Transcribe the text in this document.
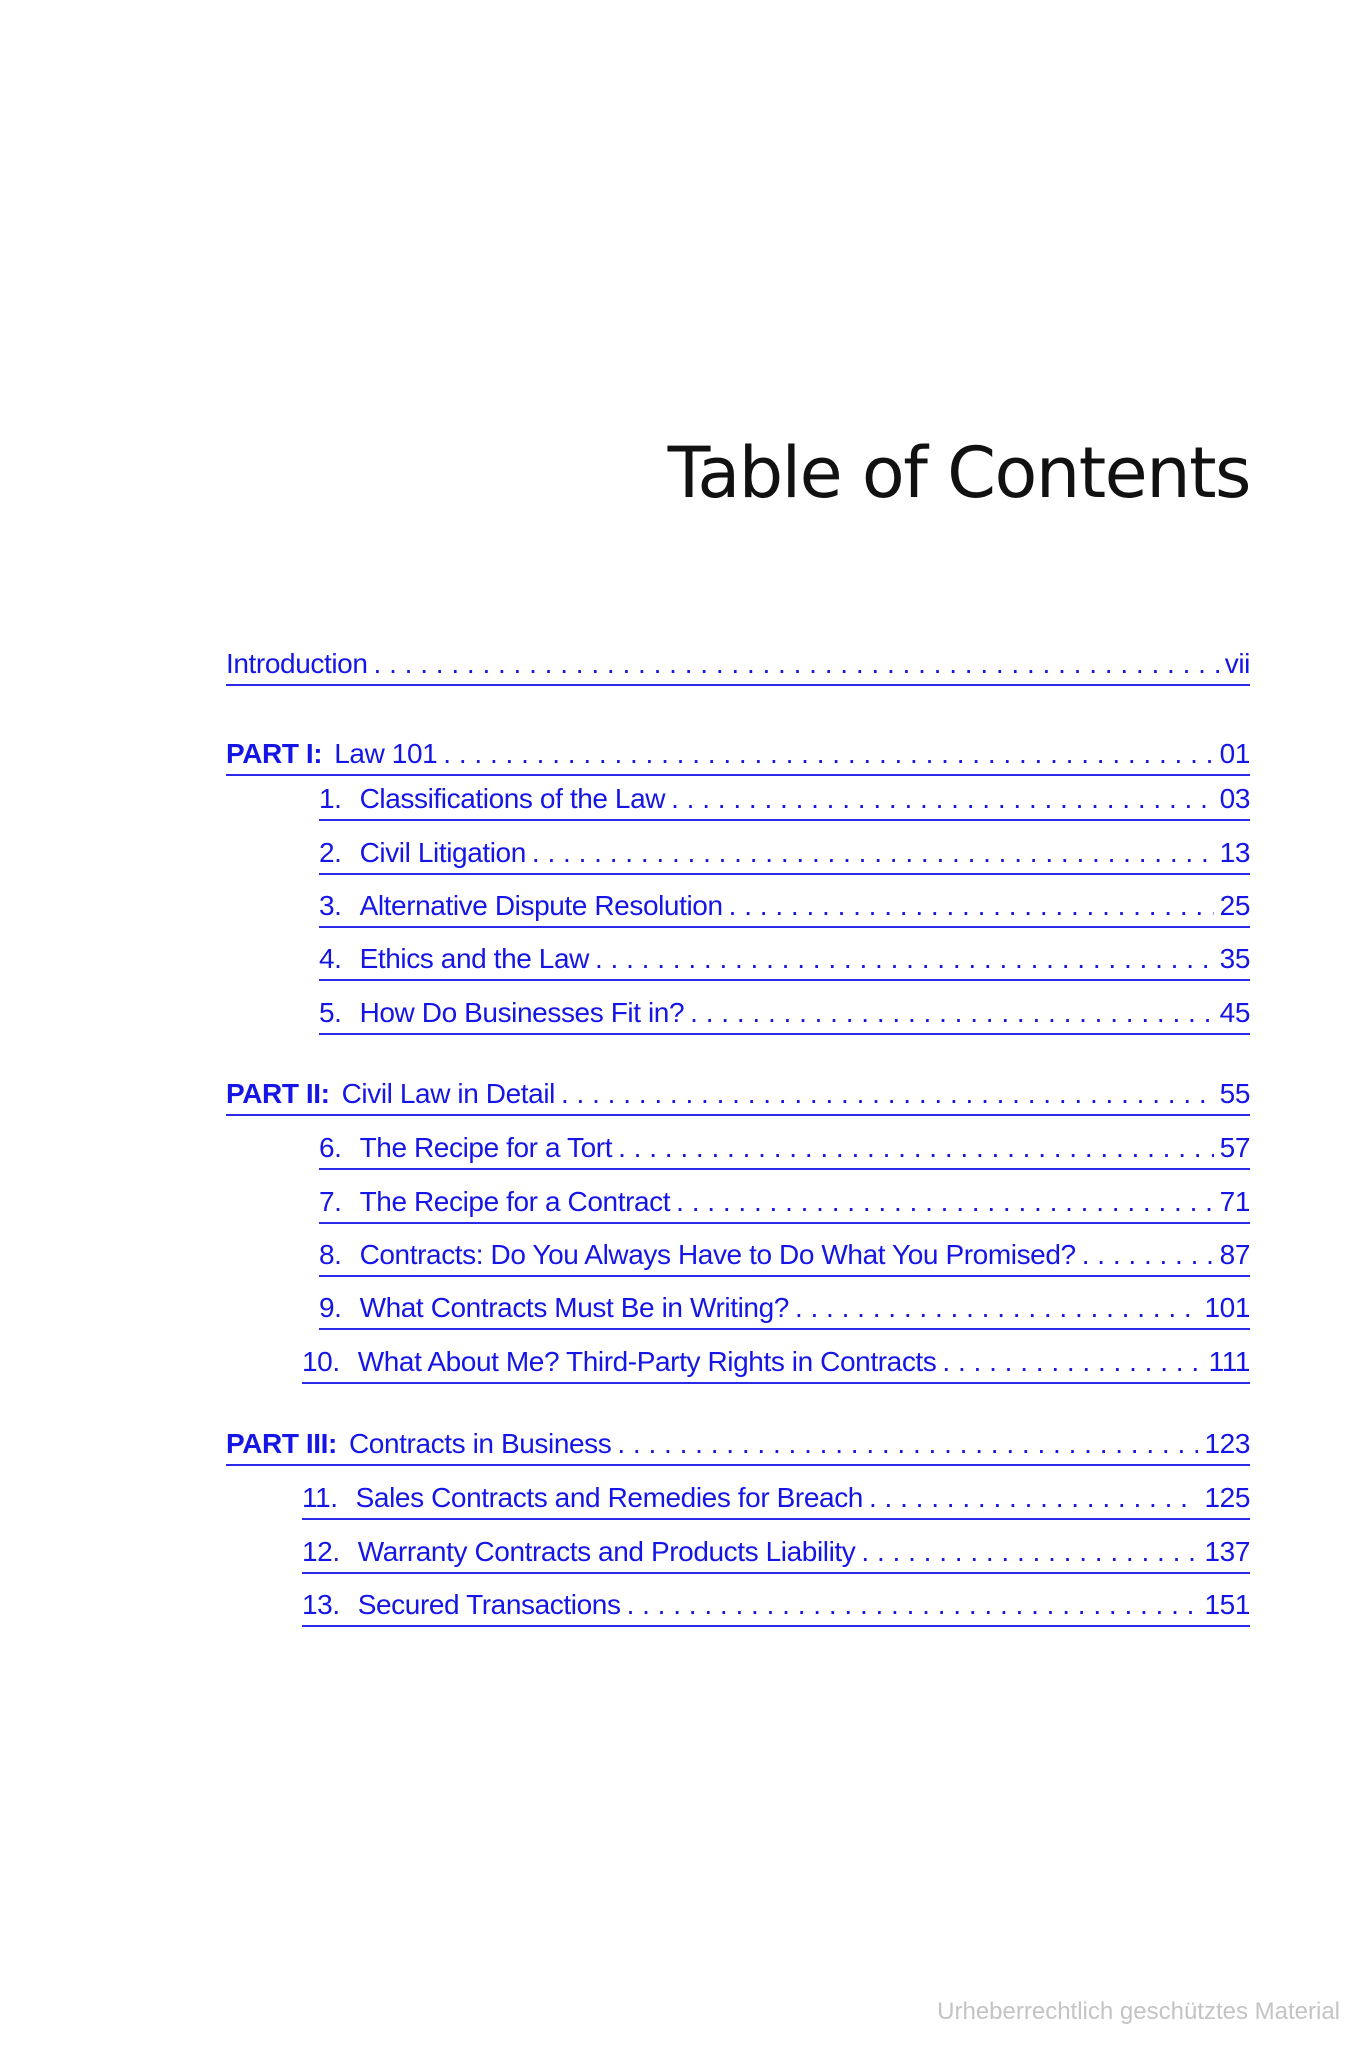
Table of Contents
Introduction . . .	vii
PART I: Law 101 . . .	01
1. Classifications of the Law . . .	03
2. Civil Litigation . . .	13
3. Alternative Dispute Resolution . . .	25
4. Ethics and the Law . . .	35
5. How Do Businesses Fit in? . . .	45
PART II: Civil Law in Detail . . .	55
6. The Recipe for a Tort . . .	57
7. The Recipe for a Contract . . .	71
8. Contracts: Do You Always Have to Do What You Promised? . . .	87
9. What Contracts Must Be in Writing? . . .	101
10. What About Me? Third-Party Rights in Contracts . . .	111
PART III: Contracts in Business . . .	123
11. Sales Contracts and Remedies for Breach . . .	125
12. Warranty Contracts and Products Liability . . .	137
13. Secured Transactions . . .	151
Urheberrechtlich geschütztes Material
